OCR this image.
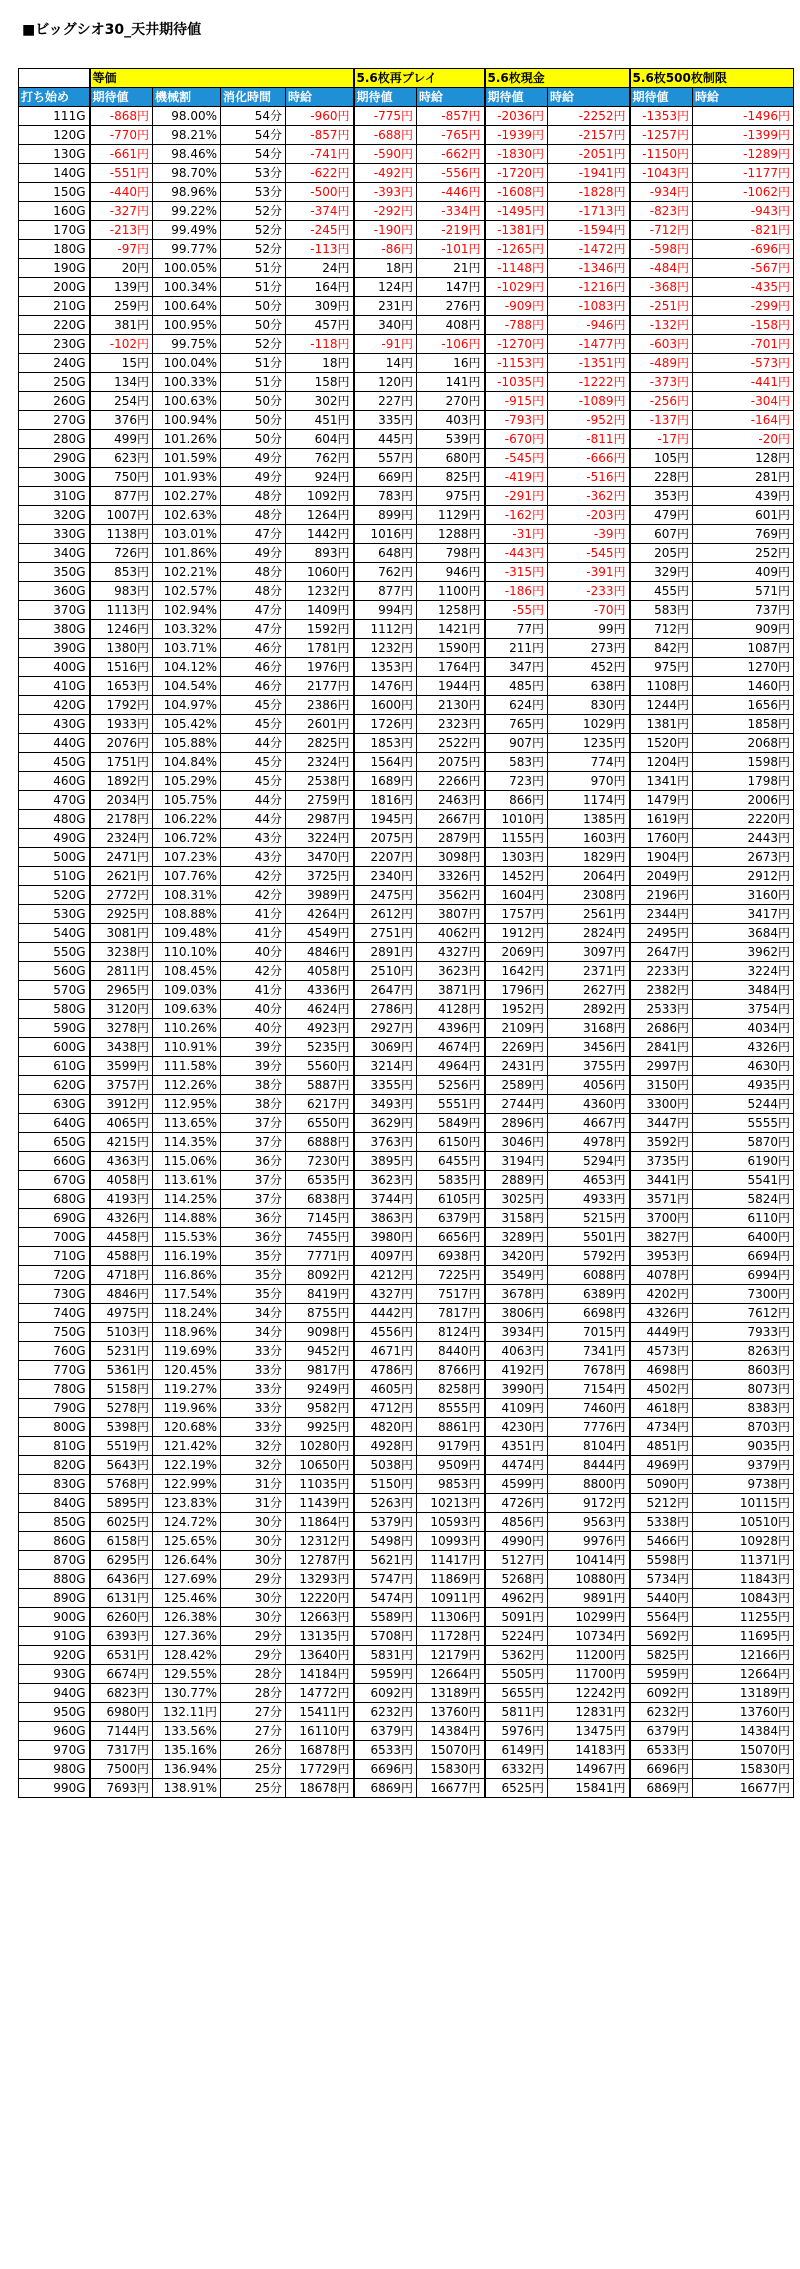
■ビッグシオ30_天井期待値
	等価				5.6枚再プレイ		5.6枚現金		5.6枚500枚制限	
打ち始め	期待値	機械割	消化時間	時給	期待値	時給	期待値	時給	期待値	時給
111G	-868円	98.00%	54分	-960円	-775円	-857円	-2036円	-2252円	-1353円	-1496円
120G	-770円	98.21%	54分	-857円	-688円	-765円	-1939円	-2157円	-1257円	-1399円
130G	-661円	98.46%	54分	-741円	-590円	-662円	-1830円	-2051円	-1150円	-1289円
140G	-551円	98.70%	53分	-622円	-492円	-556円	-1720円	-1941円	-1043円	-1177円
150G	-440円	98.96%	53分	-500円	-393円	-446円	-1608円	-1828円	-934円	-1062円
160G	-327円	99.22%	52分	-374円	-292円	-334円	-1495円	-1713円	-823円	-943円
170G	-213円	99.49%	52分	-245円	-190円	-219円	-1381円	-1594円	-712円	-821円
180G	-97円	99.77%	52分	-113円	-86円	-101円	-1265円	-1472円	-598円	-696円
190G	20円	100.05%	51分	24円	18円	21円	-1148円	-1346円	-484円	-567円
200G	139円	100.34%	51分	164円	124円	147円	-1029円	-1216円	-368円	-435円
210G	259円	100.64%	50分	309円	231円	276円	-909円	-1083円	-251円	-299円
220G	381円	100.95%	50分	457円	340円	408円	-788円	-946円	-132円	-158円
230G	-102円	99.75%	52分	-118円	-91円	-106円	-1270円	-1477円	-603円	-701円
240G	15円	100.04%	51分	18円	14円	16円	-1153円	-1351円	-489円	-573円
250G	134円	100.33%	51分	158円	120円	141円	-1035円	-1222円	-373円	-441円
260G	254円	100.63%	50分	302円	227円	270円	-915円	-1089円	-256円	-304円
270G	376円	100.94%	50分	451円	335円	403円	-793円	-952円	-137円	-164円
280G	499円	101.26%	50分	604円	445円	539円	-670円	-811円	-17円	-20円
290G	623円	101.59%	49分	762円	557円	680円	-545円	-666円	105円	128円
300G	750円	101.93%	49分	924円	669円	825円	-419円	-516円	228円	281円
310G	877円	102.27%	48分	1092円	783円	975円	-291円	-362円	353円	439円
320G	1007円	102.63%	48分	1264円	899円	1129円	-162円	-203円	479円	601円
330G	1138円	103.01%	47分	1442円	1016円	1288円	-31円	-39円	607円	769円
340G	726円	101.86%	49分	893円	648円	798円	-443円	-545円	205円	252円
350G	853円	102.21%	48分	1060円	762円	946円	-315円	-391円	329円	409円
360G	983円	102.57%	48分	1232円	877円	1100円	-186円	-233円	455円	571円
370G	1113円	102.94%	47分	1409円	994円	1258円	-55円	-70円	583円	737円
380G	1246円	103.32%	47分	1592円	1112円	1421円	77円	99円	712円	909円
390G	1380円	103.71%	46分	1781円	1232円	1590円	211円	273円	842円	1087円
400G	1516円	104.12%	46分	1976円	1353円	1764円	347円	452円	975円	1270円
410G	1653円	104.54%	46分	2177円	1476円	1944円	485円	638円	1108円	1460円
420G	1792円	104.97%	45分	2386円	1600円	2130円	624円	830円	1244円	1656円
430G	1933円	105.42%	45分	2601円	1726円	2323円	765円	1029円	1381円	1858円
440G	2076円	105.88%	44分	2825円	1853円	2522円	907円	1235円	1520円	2068円
450G	1751円	104.84%	45分	2324円	1564円	2075円	583円	774円	1204円	1598円
460G	1892円	105.29%	45分	2538円	1689円	2266円	723円	970円	1341円	1798円
470G	2034円	105.75%	44分	2759円	1816円	2463円	866円	1174円	1479円	2006円
480G	2178円	106.22%	44分	2987円	1945円	2667円	1010円	1385円	1619円	2220円
490G	2324円	106.72%	43分	3224円	2075円	2879円	1155円	1603円	1760円	2443円
500G	2471円	107.23%	43分	3470円	2207円	3098円	1303円	1829円	1904円	2673円
510G	2621円	107.76%	42分	3725円	2340円	3326円	1452円	2064円	2049円	2912円
520G	2772円	108.31%	42分	3989円	2475円	3562円	1604円	2308円	2196円	3160円
530G	2925円	108.88%	41分	4264円	2612円	3807円	1757円	2561円	2344円	3417円
540G	3081円	109.48%	41分	4549円	2751円	4062円	1912円	2824円	2495円	3684円
550G	3238円	110.10%	40分	4846円	2891円	4327円	2069円	3097円	2647円	3962円
560G	2811円	108.45%	42分	4058円	2510円	3623円	1642円	2371円	2233円	3224円
570G	2965円	109.03%	41分	4336円	2647円	3871円	1796円	2627円	2382円	3484円
580G	3120円	109.63%	40分	4624円	2786円	4128円	1952円	2892円	2533円	3754円
590G	3278円	110.26%	40分	4923円	2927円	4396円	2109円	3168円	2686円	4034円
600G	3438円	110.91%	39分	5235円	3069円	4674円	2269円	3456円	2841円	4326円
610G	3599円	111.58%	39分	5560円	3214円	4964円	2431円	3755円	2997円	4630円
620G	3757円	112.26%	38分	5887円	3355円	5256円	2589円	4056円	3150円	4935円
630G	3912円	112.95%	38分	6217円	3493円	5551円	2744円	4360円	3300円	5244円
640G	4065円	113.65%	37分	6550円	3629円	5849円	2896円	4667円	3447円	5555円
650G	4215円	114.35%	37分	6888円	3763円	6150円	3046円	4978円	3592円	5870円
660G	4363円	115.06%	36分	7230円	3895円	6455円	3194円	5294円	3735円	6190円
670G	4058円	113.61%	37分	6535円	3623円	5835円	2889円	4653円	3441円	5541円
680G	4193円	114.25%	37分	6838円	3744円	6105円	3025円	4933円	3571円	5824円
690G	4326円	114.88%	36分	7145円	3863円	6379円	3158円	5215円	3700円	6110円
700G	4458円	115.53%	36分	7455円	3980円	6656円	3289円	5501円	3827円	6400円
710G	4588円	116.19%	35分	7771円	4097円	6938円	3420円	5792円	3953円	6694円
720G	4718円	116.86%	35分	8092円	4212円	7225円	3549円	6088円	4078円	6994円
730G	4846円	117.54%	35分	8419円	4327円	7517円	3678円	6389円	4202円	7300円
740G	4975円	118.24%	34分	8755円	4442円	7817円	3806円	6698円	4326円	7612円
750G	5103円	118.96%	34分	9098円	4556円	8124円	3934円	7015円	4449円	7933円
760G	5231円	119.69%	33分	9452円	4671円	8440円	4063円	7341円	4573円	8263円
770G	5361円	120.45%	33分	9817円	4786円	8766円	4192円	7678円	4698円	8603円
780G	5158円	119.27%	33分	9249円	4605円	8258円	3990円	7154円	4502円	8073円
790G	5278円	119.96%	33分	9582円	4712円	8555円	4109円	7460円	4618円	8383円
800G	5398円	120.68%	33分	9925円	4820円	8861円	4230円	7776円	4734円	8703円
810G	5519円	121.42%	32分	10280円	4928円	9179円	4351円	8104円	4851円	9035円
820G	5643円	122.19%	32分	10650円	5038円	9509円	4474円	8444円	4969円	9379円
830G	5768円	122.99%	31分	11035円	5150円	9853円	4599円	8800円	5090円	9738円
840G	5895円	123.83%	31分	11439円	5263円	10213円	4726円	9172円	5212円	10115円
850G	6025円	124.72%	30分	11864円	5379円	10593円	4856円	9563円	5338円	10510円
860G	6158円	125.65%	30分	12312円	5498円	10993円	4990円	9976円	5466円	10928円
870G	6295円	126.64%	30分	12787円	5621円	11417円	5127円	10414円	5598円	11371円
880G	6436円	127.69%	29分	13293円	5747円	11869円	5268円	10880円	5734円	11843円
890G	6131円	125.46%	30分	12220円	5474円	10911円	4962円	9891円	5440円	10843円
900G	6260円	126.38%	30分	12663円	5589円	11306円	5091円	10299円	5564円	11255円
910G	6393円	127.36%	29分	13135円	5708円	11728円	5224円	10734円	5692円	11695円
920G	6531円	128.42%	29分	13640円	5831円	12179円	5362円	11200円	5825円	12166円
930G	6674円	129.55%	28分	14184円	5959円	12664円	5505円	11700円	5959円	12664円
940G	6823円	130.77%	28分	14772円	6092円	13189円	5655円	12242円	6092円	13189円
950G	6980円	132.11円	27分	15411円	6232円	13760円	5811円	12831円	6232円	13760円
960G	7144円	133.56%	27分	16110円	6379円	14384円	5976円	13475円	6379円	14384円
970G	7317円	135.16%	26分	16878円	6533円	15070円	6149円	14183円	6533円	15070円
980G	7500円	136.94%	25分	17729円	6696円	15830円	6332円	14967円	6696円	15830円
990G	7693円	138.91%	25分	18678円	6869円	16677円	6525円	15841円	6869円	16677円
